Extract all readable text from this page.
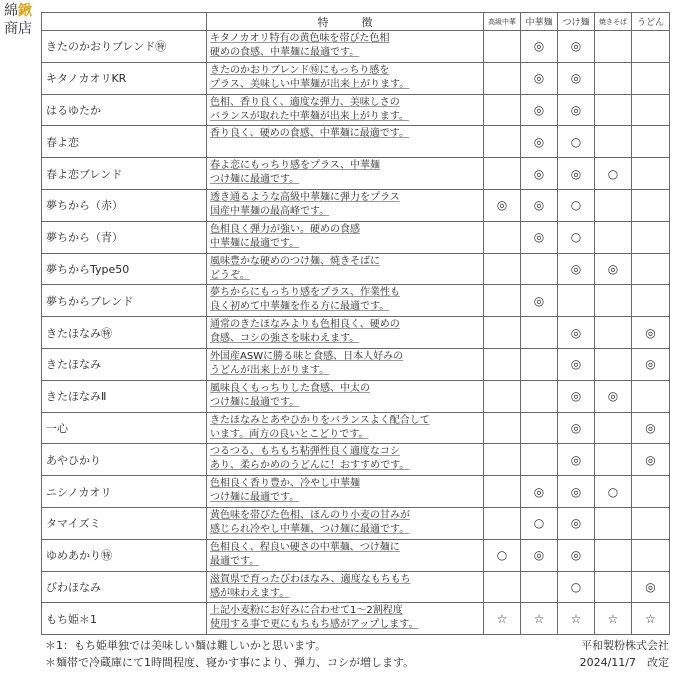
綿鍬
商店
		特　　　徴	高級中華	中華麺	つけ麺	焼きそば	うどん
きたのかおりブレンド㊕	キタノカオリ特有の黄色味を帯びた色相
硬めの食感、中華麺に最適です。		◎	◎		
キタノカオリKR	きたのかおりブレンド㊕にもっちり感を
プラス、美味しい中華麺が出来上がります。		◎	◎		
はるゆたか	色相、香り良く、適度な弾力、美味しさの
バランスが取れた中華麺が出来上がります。		◎	◎		
春よ恋	香り良く、硬めの食感、中華麺に最適です。		◎	○		
春よ恋ブレンド	春よ恋にもっちり感をプラス、中華麺
つけ麺に最適です。		◎	◎	○	
夢ちから（赤）	透き通るような高級中華麺に弾力をプラス
国産中華麺の最高峰です。	◎	◎	○		
夢ちから（青）	色相良く弾力が強い。硬めの食感
中華麺に最適です。		◎	○		
夢ちからType50	風味豊かな硬めのつけ麺、焼きそばに
どうぞ。			◎	◎	
夢ちからブレンド	夢ちからにもっちり感をプラス、作業性も
良く初めて中華麺を作る方に最適です。		◎			
きたほなみ㊕	通常のきたほなみよりも色相良く、硬めの
食感、コシの強さを味わえます。			◎		◎
きたほなみ	外国産ASWに勝る味と食感、日本人好みの
うどんが出来上がります。			◎		◎
きたほなみⅡ	風味良くもっちりした食感、中太の
つけ麺に最適です。			◎	◎	
一心	きたほなみとあやひかりをバランスよく配合して
います。両方の良いとこどりです。			◎		◎
あやひかり	つるつる、もちもち粘弾性良く適度なコシ
あり、柔らかめのうどんに！おすすめです。			◎		◎
ニシノカオリ	色相良く香り豊か、冷やし中華麺
つけ麺に最適です。		◎	◎	○	
タマイズミ	黄色味を帯びた色相、ほんのり小麦の甘みが
感じられ冷やし中華麺、つけ麺に最適です。		○	◎		
ゆめあかり㊕	色相良く、程良い硬さの中華麺、つけ麺に
最適です。	○	◎	◎		
びわほなみ	滋賀県で育ったびわほなみ、適度なもちもち
感が味わえます。			○		◎
もち姫＊1	上記小麦粉にお好みに合わせて1～2割程度
使用する事で更にもちもち感がアップします。	☆	☆	☆	☆	☆
＊1：もち姫単独では美味しい麺は難しいかと思います。	平和製粉株式会社
＊麺帯で冷蔵庫にて1時間程度、寝かす事により、弾力、コシが増します。	2024/11/7　改定
